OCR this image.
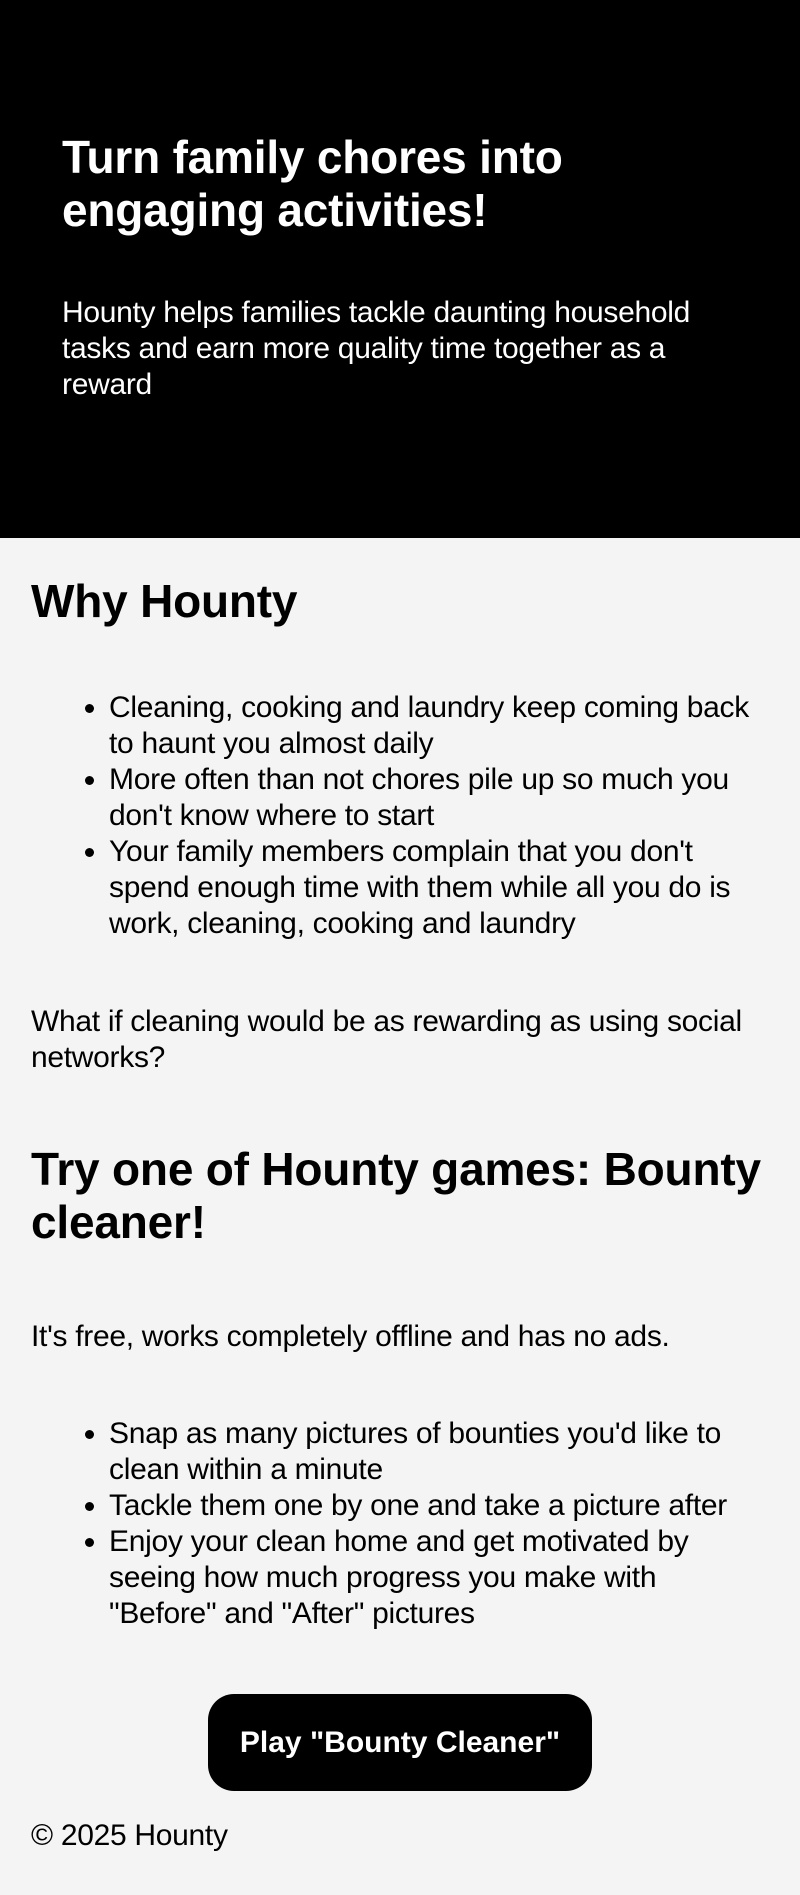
Turn family chores into engaging activities!

Hounty helps families tackle daunting household tasks and earn more quality time together as a reward

Why Hounty
• Cleaning, cooking and laundry keep coming back to haunt you almost daily
• More often than not chores pile up so much you don't know where to start
• Your family members complain that you don't spend enough time with them while all you do is work, cleaning, cooking and laundry

What if cleaning would be as rewarding as using social networks?

Try one of Hounty games: Bounty cleaner!

It's free, works completely offline and has no ads.

• Snap as many pictures of bounties you'd like to clean within a minute
• Tackle them one by one and take a picture after
• Enjoy your clean home and get motivated by seeing how much progress you make with "Before" and "After" pictures
Play "Bounty Cleaner"
© 2025 Hounty
